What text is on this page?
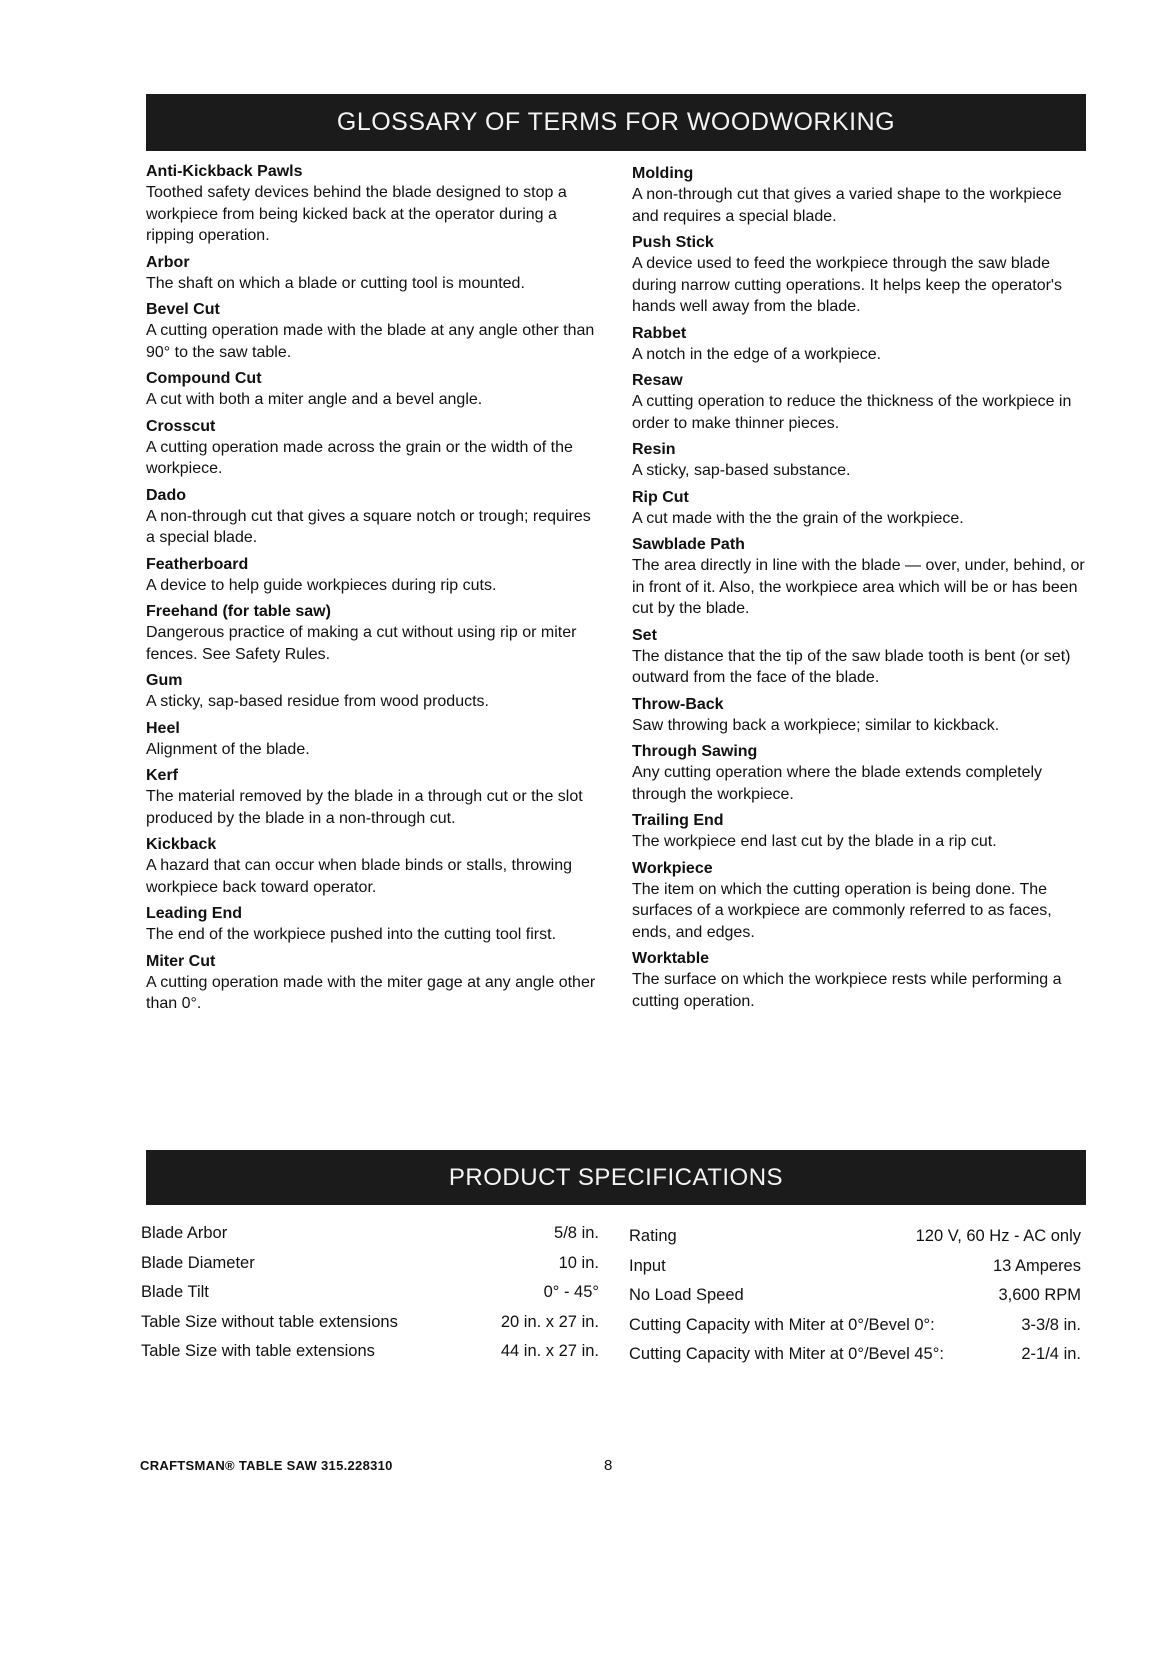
GLOSSARY OF TERMS FOR WOODWORKING
Anti-Kickback Pawls
Toothed safety devices behind the blade designed to stop a workpiece from being kicked back at the operator during a ripping operation.
Arbor
The shaft on which a blade or cutting tool is mounted.
Bevel Cut
A cutting operation made with the blade at any angle other than 90° to the saw table.
Compound Cut
A cut with both a miter angle and a bevel angle.
Crosscut
A cutting operation made across the grain or the width of the workpiece.
Dado
A non-through cut that gives a square notch or trough; requires a special blade.
Featherboard
A device to help guide workpieces during rip cuts.
Freehand (for table saw)
Dangerous practice of making a cut without using rip or miter fences. See Safety Rules.
Gum
A sticky, sap-based residue from wood products.
Heel
Alignment of the blade.
Kerf
The material removed by the blade in a through cut or the slot produced by the blade in a non-through cut.
Kickback
A hazard that can occur when blade binds or stalls, throwing workpiece back toward operator.
Leading End
The end of the workpiece pushed into the cutting tool first.
Miter Cut
A cutting operation made with the miter gage at any angle other than 0°.
Molding
A non-through cut that gives a varied shape to the workpiece and requires a special blade.
Push Stick
A device used to feed the workpiece through the saw blade during narrow cutting operations. It helps keep the operator's hands well away from the blade.
Rabbet
A notch in the edge of a workpiece.
Resaw
A cutting operation to reduce the thickness of the workpiece in order to make thinner pieces.
Resin
A sticky, sap-based substance.
Rip Cut
A cut made with the the grain of the workpiece.
Sawblade Path
The area directly in line with the blade — over, under, behind, or in front of it. Also, the workpiece area which will be or has been cut by the blade.
Set
The distance that the tip of the saw blade tooth is bent (or set) outward from the face of the blade.
Throw-Back
Saw throwing back a workpiece; similar to kickback.
Through Sawing
Any cutting operation where the blade extends completely through the workpiece.
Trailing End
The workpiece end last cut by the blade in a rip cut.
Workpiece
The item on which the cutting operation is being done. The surfaces of a workpiece are commonly referred to as faces, ends, and edges.
Worktable
The surface on which the workpiece rests while performing a cutting operation.
PRODUCT SPECIFICATIONS
Blade Arbor	5/8 in.
Blade Diameter	10 in.
Blade Tilt	0° - 45°
Table Size without table extensions	20 in. x 27 in.
Table Size with table extensions	44 in. x 27 in.
Rating	120 V, 60 Hz - AC only
Input	13 Amperes
No Load Speed	3,600 RPM
Cutting Capacity with Miter at 0°/Bevel 0°:	3-3/8 in.
Cutting Capacity with Miter at 0°/Bevel 45°:	2-1/4 in.
CRAFTSMAN® TABLE SAW 315.228310	8
